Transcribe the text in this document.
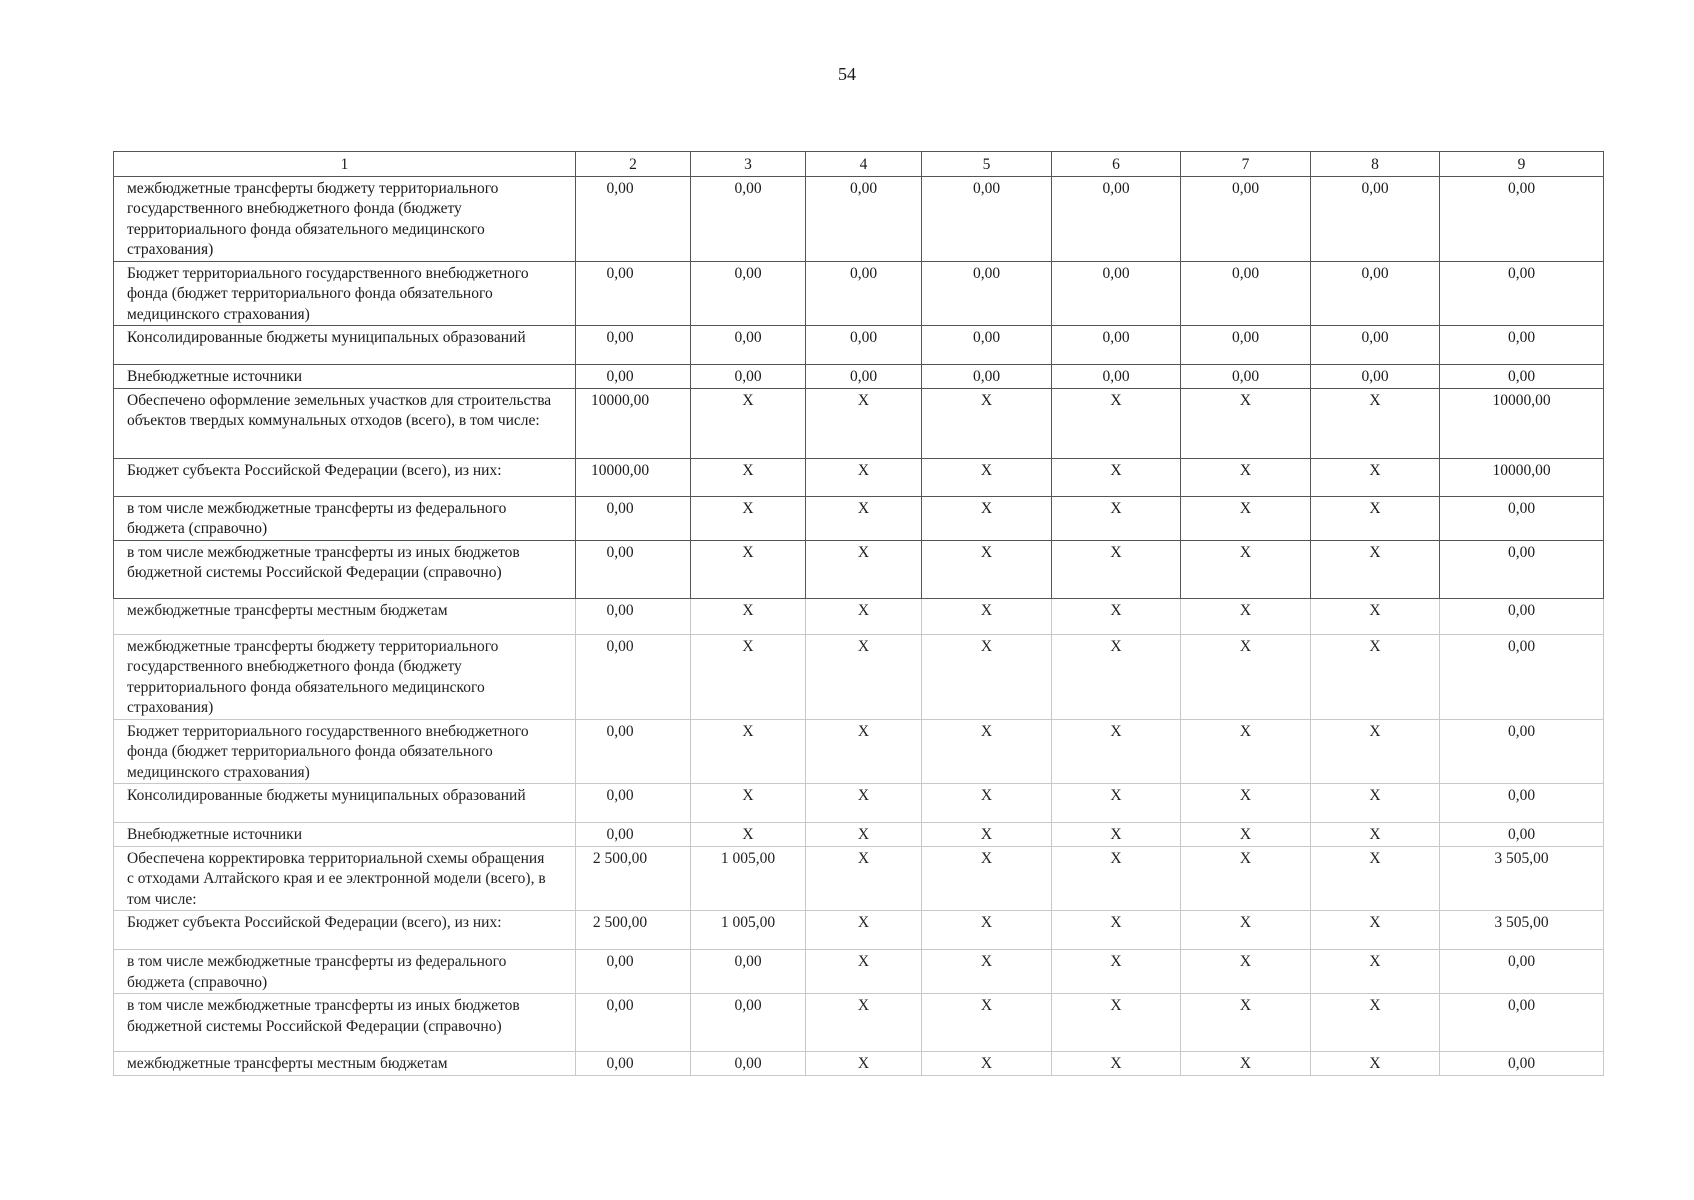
54
1	2	3	4	5	6	7	8	9
межбюджетные трансферты бюджету территориального государственного внебюджетного фонда (бюджету территориального фонда обязательного медицинского страхования)	0,00	0,00	0,00	0,00	0,00	0,00	0,00	0,00
Бюджет территориального государственного внебюджетного фонда (бюджет территориального фонда обязательного медицинского страхования)	0,00	0,00	0,00	0,00	0,00	0,00	0,00	0,00
Консолидированные бюджеты муниципальных образований	0,00	0,00	0,00	0,00	0,00	0,00	0,00	0,00
Внебюджетные источники	0,00	0,00	0,00	0,00	0,00	0,00	0,00	0,00
Обеспечено оформление земельных участков для строительства объектов твердых коммунальных отходов (всего), в том числе:	10000,00	X	X	X	X	X	X	10000,00
Бюджет субъекта Российской Федерации (всего), из них:	10000,00	X	X	X	X	X	X	10000,00
в том числе межбюджетные трансферты из федерального бюджета (справочно)	0,00	X	X	X	X	X	X	0,00
в том числе межбюджетные трансферты из иных бюджетов бюджетной системы Российской Федерации (справочно)	0,00	X	X	X	X	X	X	0,00
межбюджетные трансферты местным бюджетам	0,00	X	X	X	X	X	X	0,00
межбюджетные трансферты бюджету территориального государственного внебюджетного фонда (бюджету территориального фонда обязательного медицинского страхования)	0,00	X	X	X	X	X	X	0,00
Бюджет территориального государственного внебюджетного фонда (бюджет территориального фонда обязательного медицинского страхования)	0,00	X	X	X	X	X	X	0,00
Консолидированные бюджеты муниципальных образований	0,00	X	X	X	X	X	X	0,00
Внебюджетные источники	0,00	X	X	X	X	X	X	0,00
Обеспечена корректировка территориальной схемы обращения с отходами Алтайского края и ее электронной модели (всего), в том числе:	2 500,00	1 005,00	X	X	X	X	X	3 505,00
Бюджет субъекта Российской Федерации (всего), из них:	2 500,00	1 005,00	X	X	X	X	X	3 505,00
в том числе межбюджетные трансферты из федерального бюджета (справочно)	0,00	0,00	X	X	X	X	X	0,00
в том числе межбюджетные трансферты из иных бюджетов бюджетной системы Российской Федерации (справочно)	0,00	0,00	X	X	X	X	X	0,00
межбюджетные трансферты местным бюджетам	0,00	0,00	X	X	X	X	X	0,00
